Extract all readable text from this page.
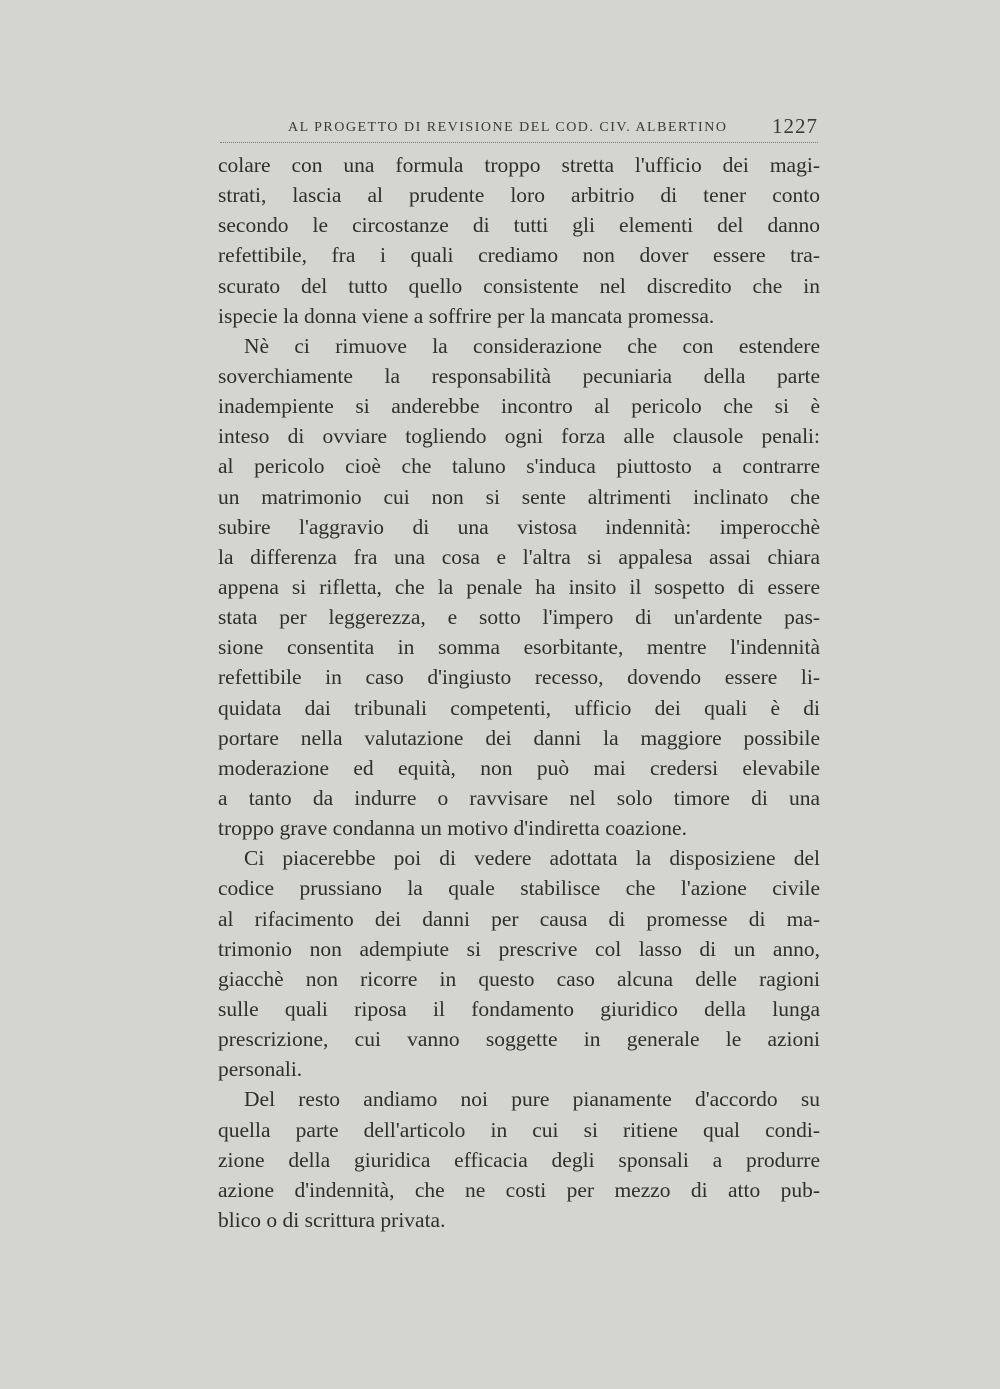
AL PROGETTO DI REVISIONE DEL COD. CIV. ALBERTINO 1227
colare con una formula troppo stretta l'ufficio dei magi-
strati, lascia al prudente loro arbitrio di tener conto
secondo le circostanze di tutti gli elementi del danno
refettibile, fra i quali crediamo non dover essere tra-
scurato del tutto quello consistente nel discredito che in
ispecie la donna viene a soffrire per la mancata promessa.
Nè ci rimuove la considerazione che con estendere
soverchiamente la responsabilità pecuniaria della parte
inadempiente si anderebbe incontro al pericolo che si è
inteso di ovviare togliendo ogni forza alle clausole penali:
al pericolo cioè che taluno s'induca piuttosto a contrarre
un matrimonio cui non si sente altrimenti inclinato che
subire l'aggravio di una vistosa indennità: imperocchè
la differenza fra una cosa e l'altra si appalesa assai chiara
appena si rifletta, che la penale ha insito il sospetto di essere
stata per leggerezza, e sotto l'impero di un'ardente pas-
sione consentita in somma esorbitante, mentre l'indennità
refettibile in caso d'ingiusto recesso, dovendo essere li-
quidata dai tribunali competenti, ufficio dei quali è di
portare nella valutazione dei danni la maggiore possibile
moderazione ed equità, non può mai credersi elevabile
a tanto da indurre o ravvisare nel solo timore di una
troppo grave condanna un motivo d'indiretta coazione.
Ci piacerebbe poi di vedere adottata la disposiziene del
codice prussiano la quale stabilisce che l'azione civile
al rifacimento dei danni per causa di promesse di ma-
trimonio non adempiute si prescrive col lasso di un anno,
giacchè non ricorre in questo caso alcuna delle ragioni
sulle quali riposa il fondamento giuridico della lunga
prescrizione, cui vanno soggette in generale le azioni
personali.
Del resto andiamo noi pure pianamente d'accordo su
quella parte dell'articolo in cui si ritiene qual condi-
zione della giuridica efficacia degli sponsali a produrre
azione d'indennità, che ne costi per mezzo di atto pub-
blico o di scrittura privata.
